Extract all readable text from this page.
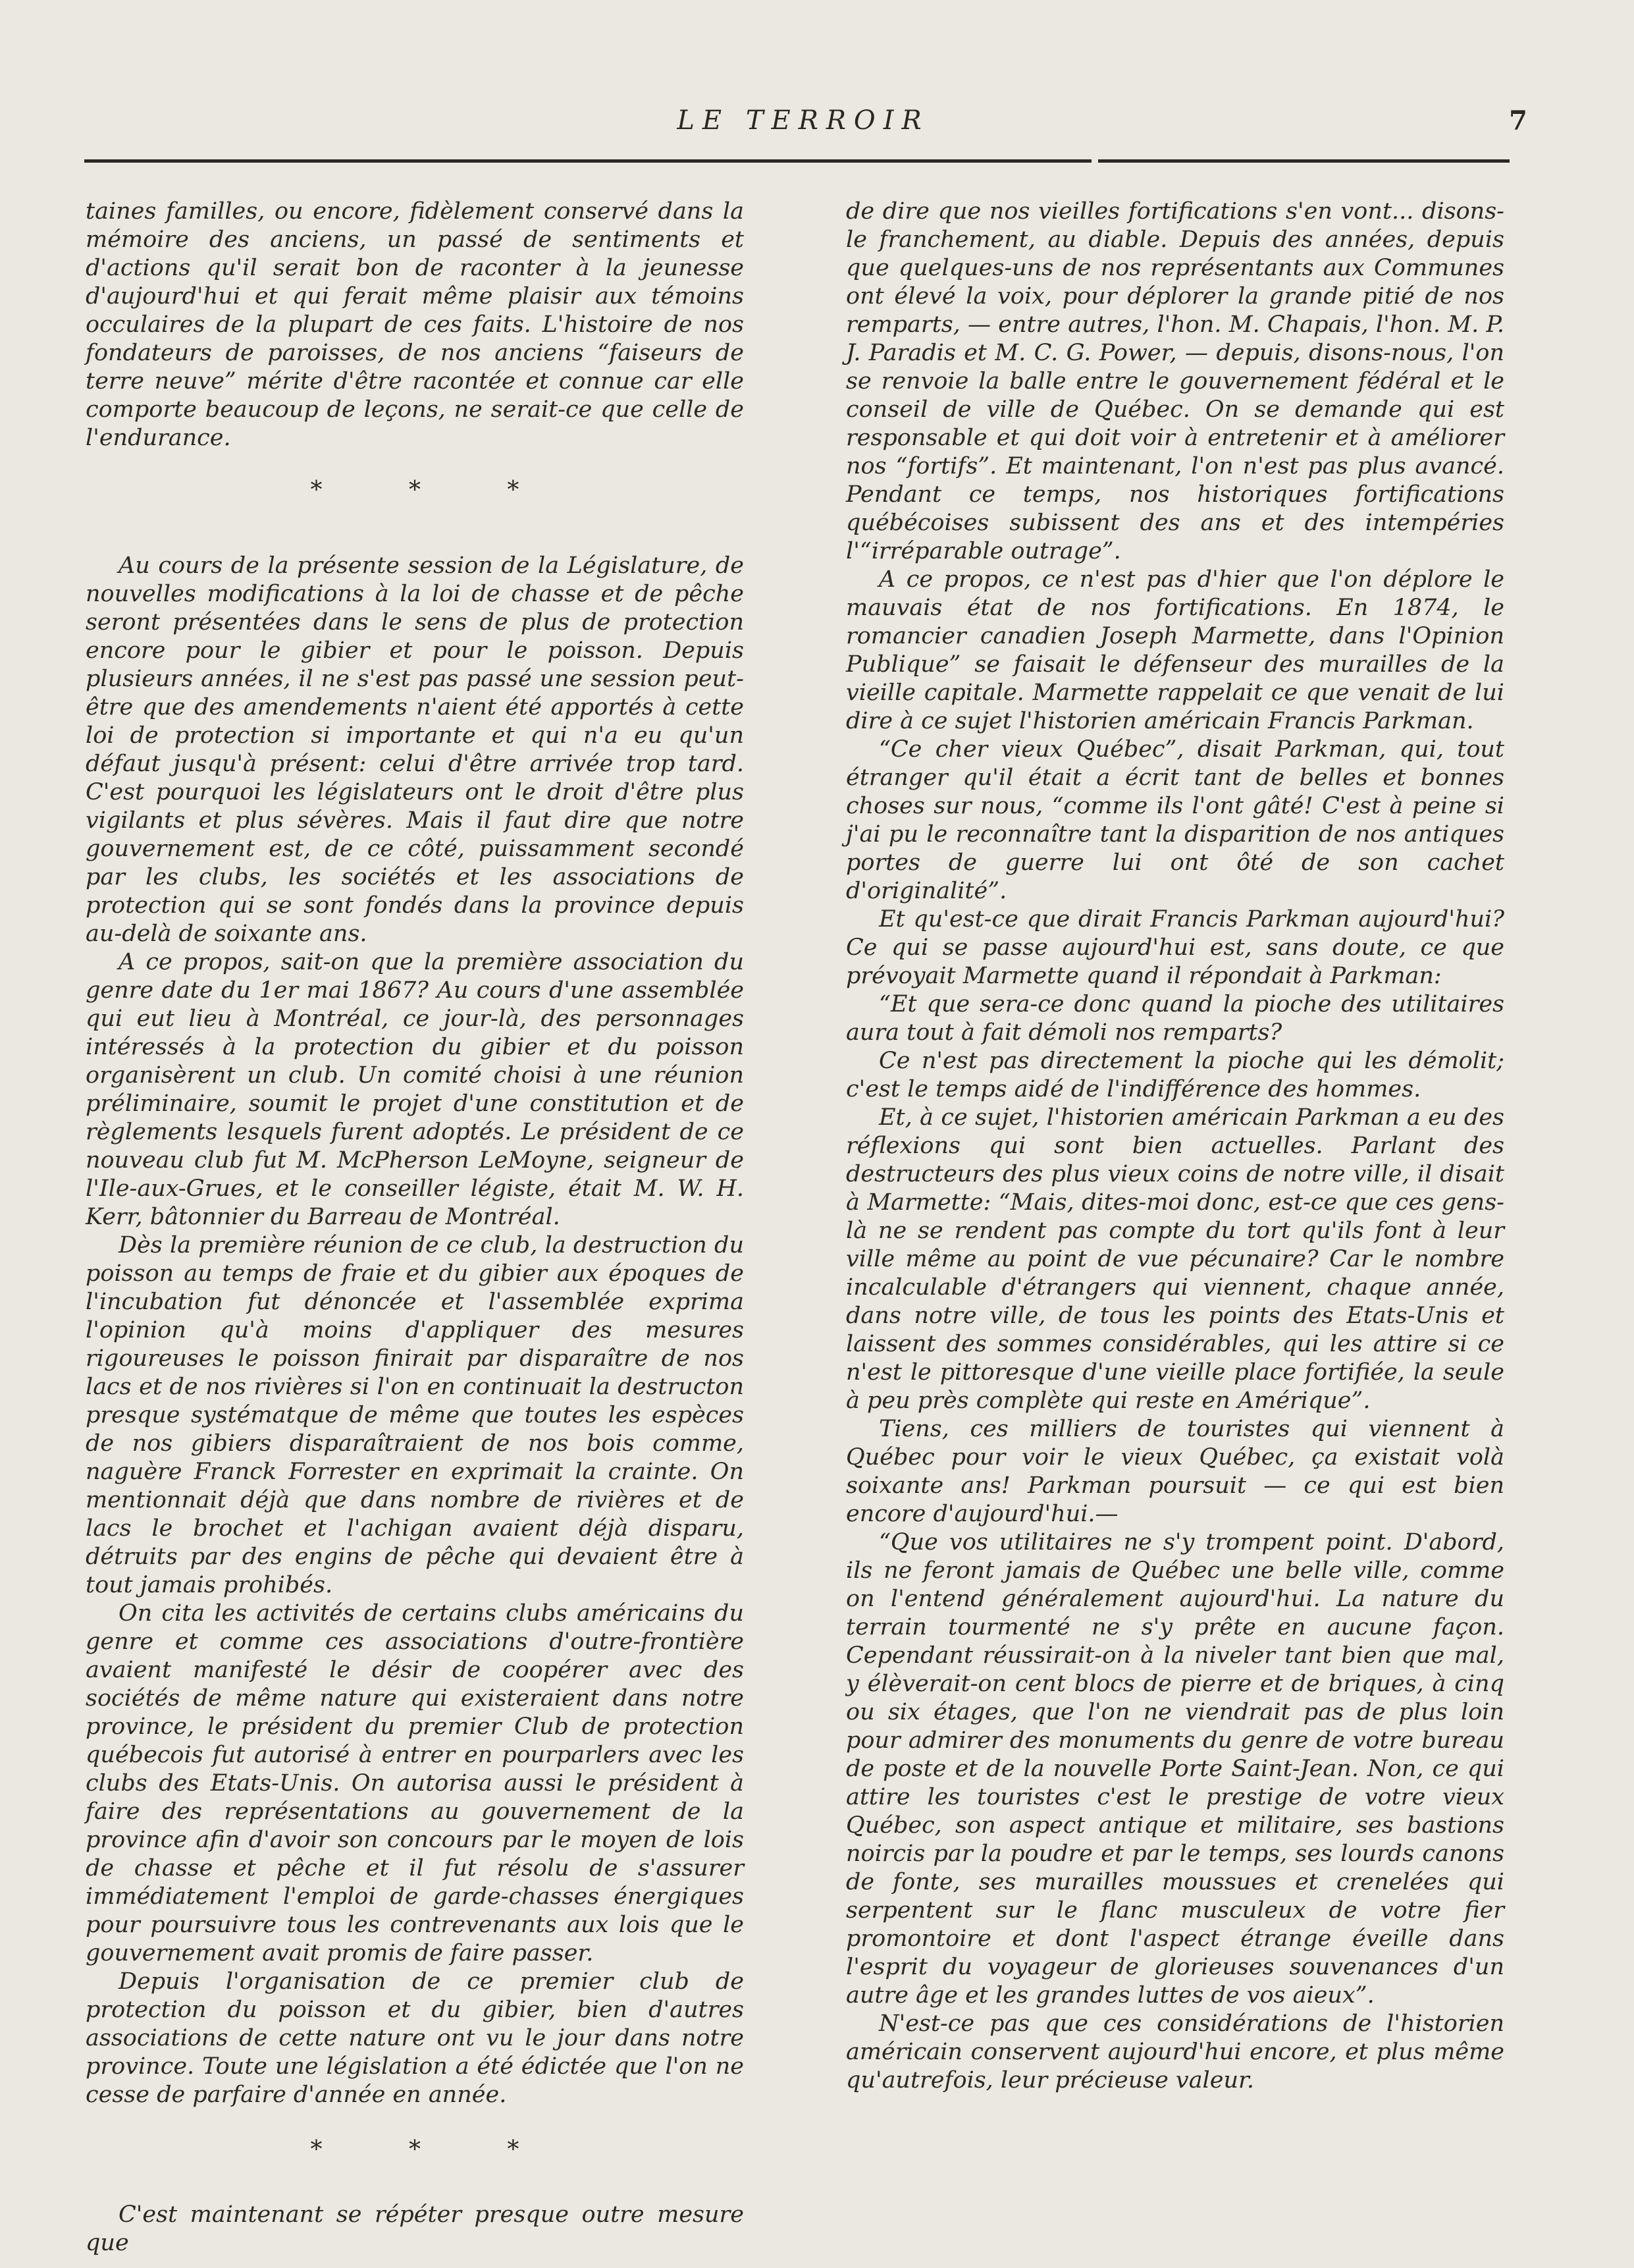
LE TERROIR	7

taines familles, ou encore, fidèlement conservé dans la mémoire des anciens, un passé de sentiments et d'actions qu'il serait bon de raconter à la jeunesse d'aujourd'hui et qui ferait même plaisir aux témoins occulaires de la plupart de ces faits. L'histoire de nos fondateurs de paroisses, de nos anciens “faiseurs de terre neuve” mérite d'être racontée et connue car elle comporte beaucoup de leçons, ne serait-ce que celle de l'endurance.

* * *

Au cours de la présente session de la Législature, de nouvelles modifications à la loi de chasse et de pêche seront présentées dans le sens de plus de protection encore pour le gibier et pour le poisson. Depuis plusieurs années, il ne s'est pas passé une session peut-être que des amendements n'aient été apportés à cette loi de protection si importante et qui n'a eu qu'un défaut jusqu'à présent: celui d'être arrivée trop tard. C'est pourquoi les législateurs ont le droit d'être plus vigilants et plus sévères. Mais il faut dire que notre gouvernement est, de ce côté, puissamment secondé par les clubs, les sociétés et les associations de protection qui se sont fondés dans la province depuis au-delà de soixante ans.

A ce propos, sait-on que la première association du genre date du 1er mai 1867? Au cours d'une assemblée qui eut lieu à Montréal, ce jour-là, des personnages intéressés à la protection du gibier et du poisson organisèrent un club. Un comité choisi à une réunion préliminaire, soumit le projet d'une constitution et de règlements lesquels furent adoptés. Le président de ce nouveau club fut M. McPherson LeMoyne, seigneur de l'Ile-aux-Grues, et le conseiller légiste, était M. W. H. Kerr, bâtonnier du Barreau de Montréal.

Dès la première réunion de ce club, la destruction du poisson au temps de fraie et du gibier aux époques de l'incubation fut dénoncée et l'assemblée exprima l'opinion qu'à moins d'appliquer des mesures rigoureuses le poisson finirait par disparaître de nos lacs et de nos rivières si l'on en continuait la destructon presque systématque de même que toutes les espèces de nos gibiers disparaîtraient de nos bois comme, naguère Franck Forrester en exprimait la crainte. On mentionnait déjà que dans nombre de rivières et de lacs le brochet et l'achigan avaient déjà disparu, détruits par des engins de pêche qui devaient être à tout jamais prohibés.

On cita les activités de certains clubs américains du genre et comme ces associations d'outre-frontière avaient manifesté le désir de coopérer avec des sociétés de même nature qui existeraient dans notre province, le président du premier Club de protection québecois fut autorisé à entrer en pourparlers avec les clubs des Etats-Unis. On autorisa aussi le président à faire des représentations au gouvernement de la province afin d'avoir son concours par le moyen de lois de chasse et pêche et il fut résolu de s'assurer immédiatement l'emploi de garde-chasses énergiques pour poursuivre tous les contrevenants aux lois que le gouvernement avait promis de faire passer.

Depuis l'organisation de ce premier club de protection du poisson et du gibier, bien d'autres associations de cette nature ont vu le jour dans notre province. Toute une législation a été édictée que l'on ne cesse de parfaire d'année en année.

* * *

C'est maintenant se répéter presque outre mesure que

de dire que nos vieilles fortifications s'en vont... disons-le franchement, au diable. Depuis des années, depuis que quelques-uns de nos représentants aux Communes ont élevé la voix, pour déplorer la grande pitié de nos remparts, — entre autres, l'hon. M. Chapais, l'hon. M. P. J. Paradis et M. C. G. Power, — depuis, disons-nous, l'on se renvoie la balle entre le gouvernement fédéral et le conseil de ville de Québec. On se demande qui est responsable et qui doit voir à entretenir et à améliorer nos “fortifs”. Et maintenant, l'on n'est pas plus avancé. Pendant ce temps, nos historiques fortifications québécoises subissent des ans et des intempéries l'“irréparable outrage”.

A ce propos, ce n'est pas d'hier que l'on déplore le mauvais état de nos fortifications. En 1874, le romancier canadien Joseph Marmette, dans l'Opinion Publique” se faisait le défenseur des murailles de la vieille capitale. Marmette rappelait ce que venait de lui dire à ce sujet l'historien américain Francis Parkman.

“Ce cher vieux Québec”, disait Parkman, qui, tout étranger qu'il était a écrit tant de belles et bonnes choses sur nous, “comme ils l'ont gâté! C'est à peine si j'ai pu le reconnaître tant la disparition de nos antiques portes de guerre lui ont ôté de son cachet d'originalité”.

Et qu'est-ce que dirait Francis Parkman aujourd'hui? Ce qui se passe aujourd'hui est, sans doute, ce que prévoyait Marmette quand il répondait à Parkman:

“Et que sera-ce donc quand la pioche des utilitaires aura tout à fait démoli nos remparts?

Ce n'est pas directement la pioche qui les démolit; c'est le temps aidé de l'indifférence des hommes.

Et, à ce sujet, l'historien américain Parkman a eu des réflexions qui sont bien actuelles. Parlant des destructeurs des plus vieux coins de notre ville, il disait à Marmette: “Mais, dites-moi donc, est-ce que ces gens-là ne se rendent pas compte du tort qu'ils font à leur ville même au point de vue pécunaire? Car le nombre incalculable d'étrangers qui viennent, chaque année, dans notre ville, de tous les points des Etats-Unis et laissent des sommes considérables, qui les attire si ce n'est le pittoresque d'une vieille place fortifiée, la seule à peu près complète qui reste en Amérique”.

Tiens, ces milliers de touristes qui viennent à Québec pour voir le vieux Québec, ça existait volà soixante ans! Parkman poursuit — ce qui est bien encore d'aujourd'hui.—

“Que vos utilitaires ne s'y trompent point. D'abord, ils ne feront jamais de Québec une belle ville, comme on l'entend généralement aujourd'hui. La nature du terrain tourmenté ne s'y prête en aucune façon. Cependant réussirait-on à la niveler tant bien que mal, y élèverait-on cent blocs de pierre et de briques, à cinq ou six étages, que l'on ne viendrait pas de plus loin pour admirer des monuments du genre de votre bureau de poste et de la nouvelle Porte Saint-Jean. Non, ce qui attire les touristes c'est le prestige de votre vieux Québec, son aspect antique et militaire, ses bastions noircis par la poudre et par le temps, ses lourds canons de fonte, ses murailles moussues et crenelées qui serpentent sur le flanc musculeux de votre fier promontoire et dont l'aspect étrange éveille dans l'esprit du voyageur de glorieuses souvenances d'un autre âge et les grandes luttes de vos aieux”.

N'est-ce pas que ces considérations de l'historien américain conservent aujourd'hui encore, et plus même qu'autrefois, leur précieuse valeur.
